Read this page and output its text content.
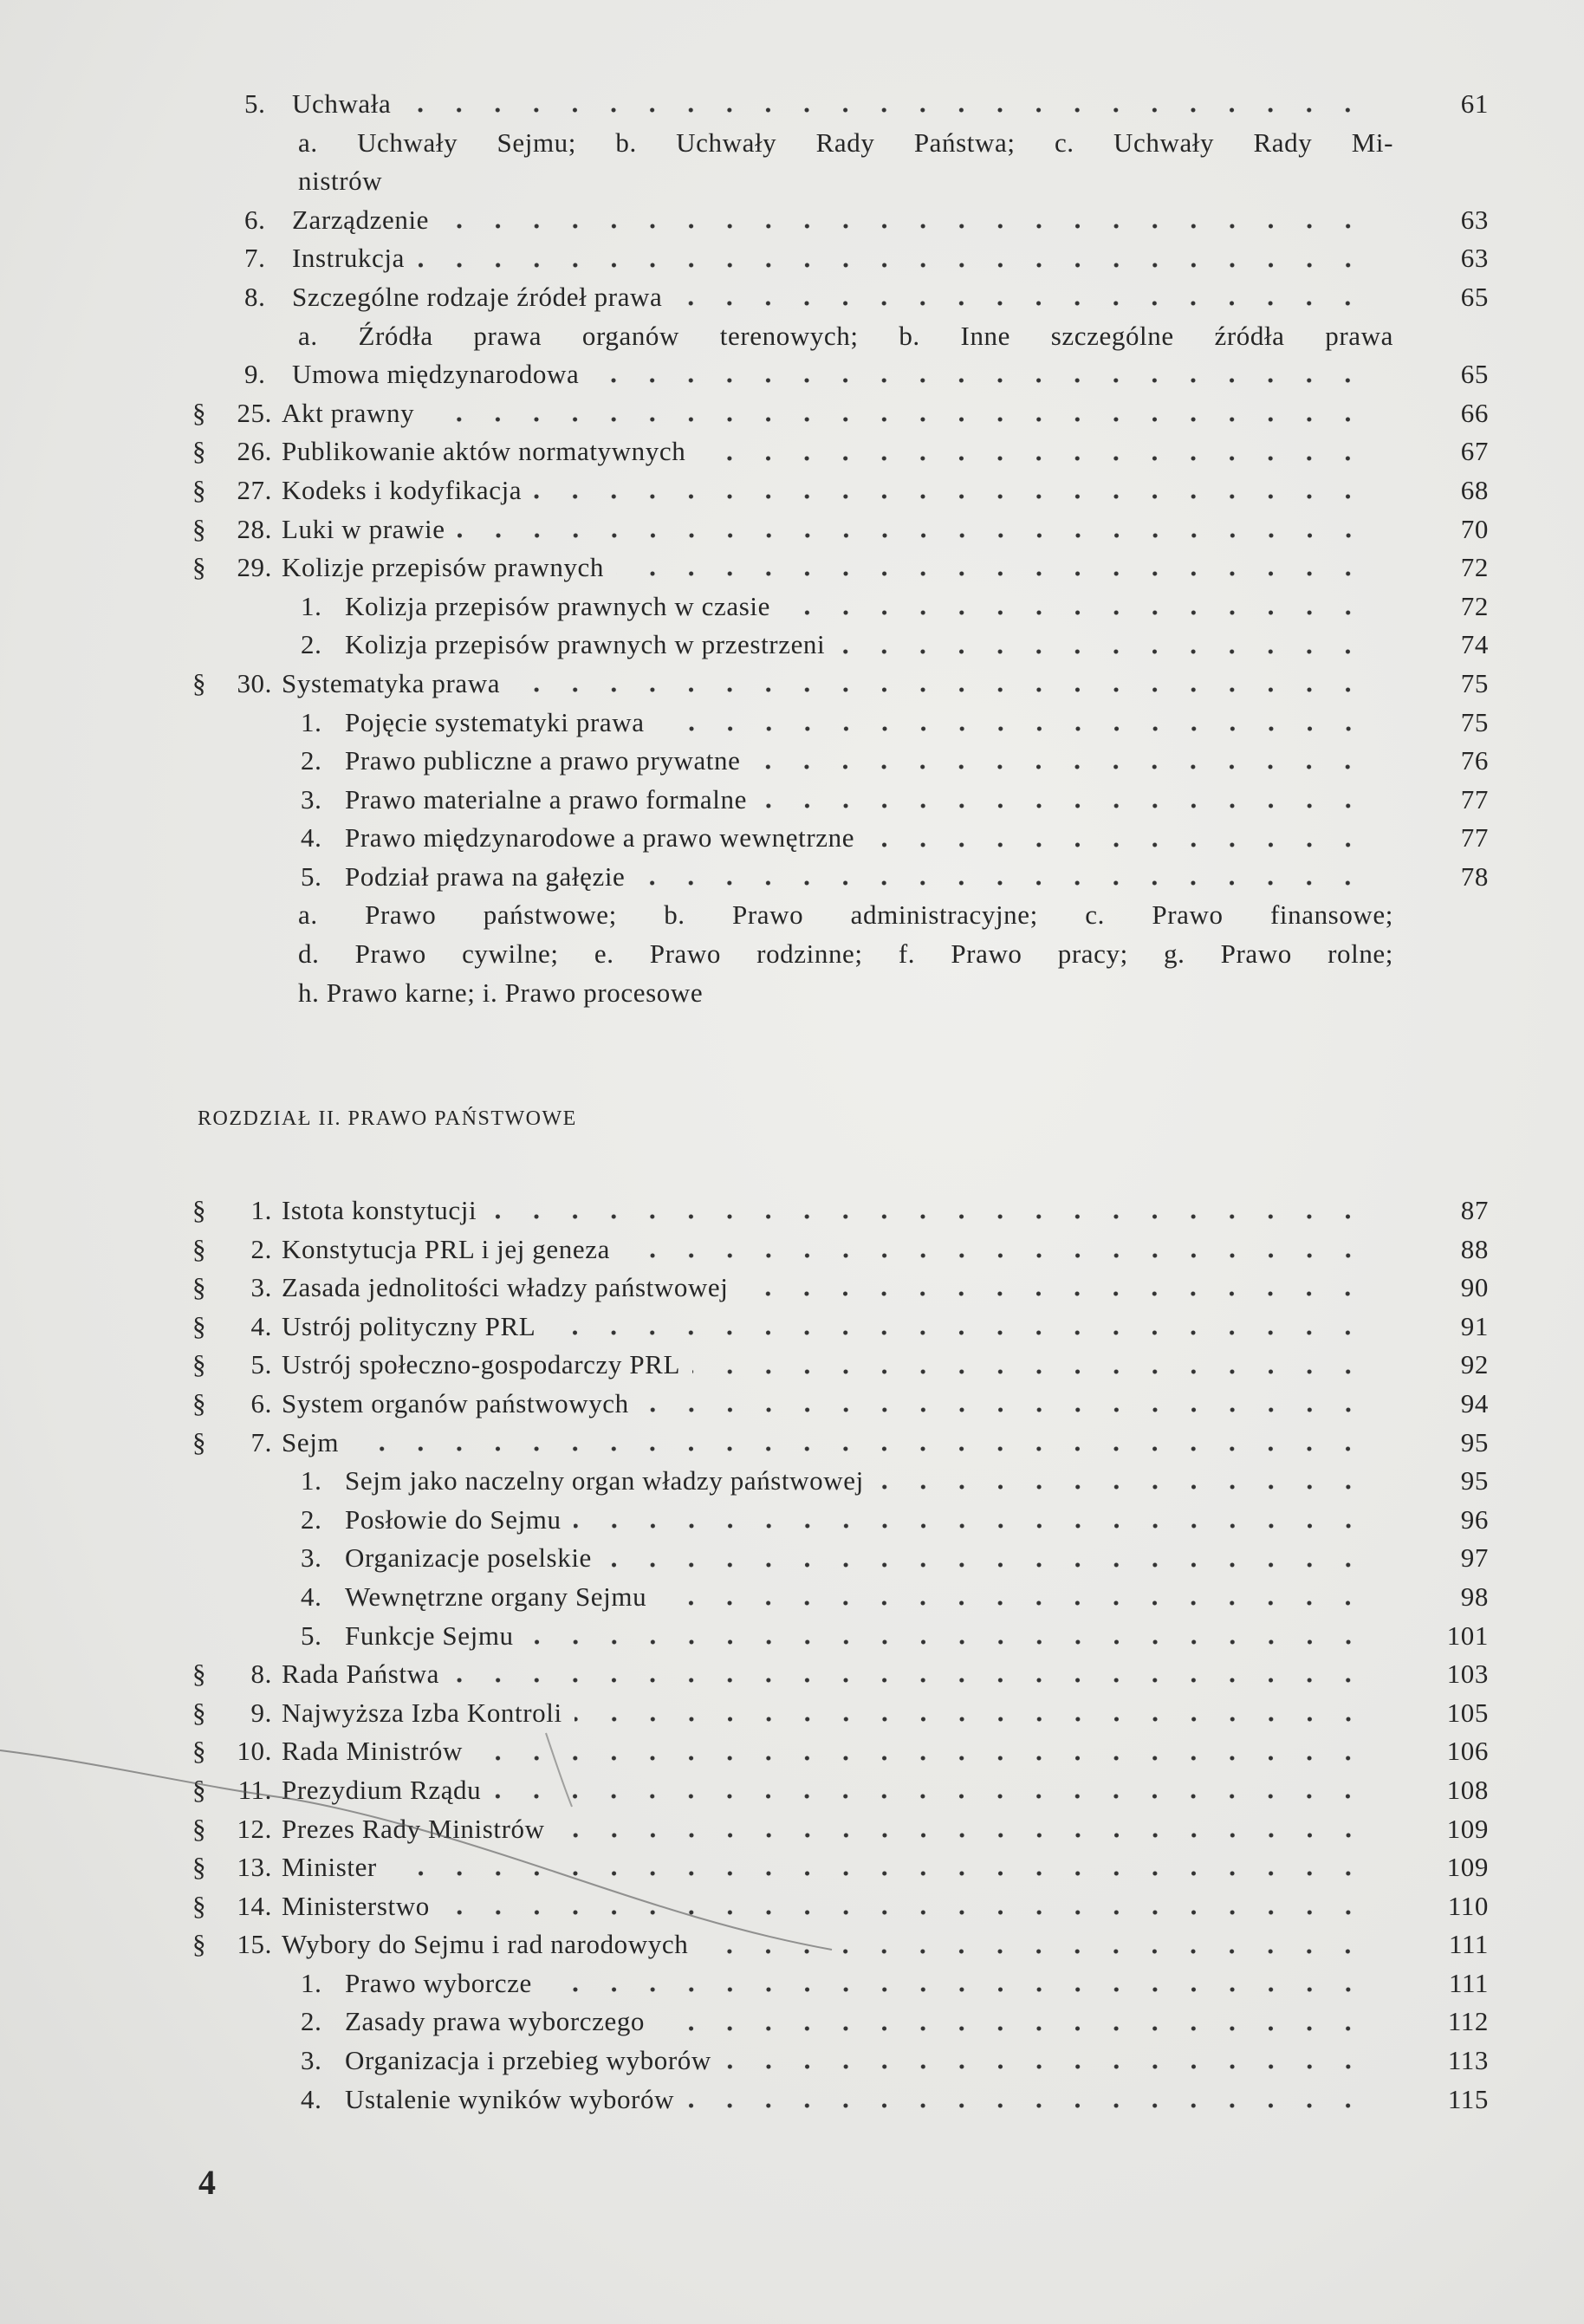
5. Uchwała	61
a. Uchwały Sejmu; b. Uchwały Rady Państwa; c. Uchwały Rady Mi-
nistrów
6. Zarządzenie	63
7. Instrukcja	63
8. Szczególne rodzaje źródeł prawa	65
a. Źródła prawa organów terenowych; b. Inne szczególne źródła prawa
9. Umowa międzynarodowa	65
§	25. Akt prawny	66
§	26. Publikowanie aktów normatywnych	67
§	27. Kodeks i kodyfikacja	68
§	28. Luki w prawie	70
§	29. Kolizje przepisów prawnych	72
1. Kolizja przepisów prawnych w czasie	72
2. Kolizja przepisów prawnych w przestrzeni	74
§	30. Systematyka prawa	75
1. Pojęcie systematyki prawa	75
2. Prawo publiczne a prawo prywatne	76
3. Prawo materialne a prawo formalne	77
4. Prawo międzynarodowe a prawo wewnętrzne	77
5. Podział prawa na gałęzie	78
a. Prawo państwowe; b. Prawo administracyjne; c. Prawo finansowe;
d. Prawo cywilne; e. Prawo rodzinne; f. Prawo pracy; g. Prawo rolne;
h. Prawo karne; i. Prawo procesowe
ROZDZIAŁ II. PRAWO PAŃSTWOWE
§	1. Istota konstytucji	87
§	2. Konstytucja PRL i jej geneza	88
§	3. Zasada jednolitości władzy państwowej	90
§	4. Ustrój polityczny PRL	91
§	5. Ustrój społeczno-gospodarczy PRL	92
§	6. System organów państwowych	94
§	7. Sejm	95
1. Sejm jako naczelny organ władzy państwowej	95
2. Posłowie do Sejmu	96
3. Organizacje poselskie	97
4. Wewnętrzne organy Sejmu	98
5. Funkcje Sejmu	101
§	8. Rada Państwa	103
§	9. Najwyższa Izba Kontroli	105
§	10. Rada Ministrów	106
§	11. Prezydium Rządu	108
§	12. Prezes Rady Ministrów	109
§	13. Minister	109
§	14. Ministerstwo	110
§	15. Wybory do Sejmu i rad narodowych	111
1. Prawo wyborcze	111
2. Zasady prawa wyborczego	112
3. Organizacja i przebieg wyborów	113
4. Ustalenie wyników wyborów	115
4
